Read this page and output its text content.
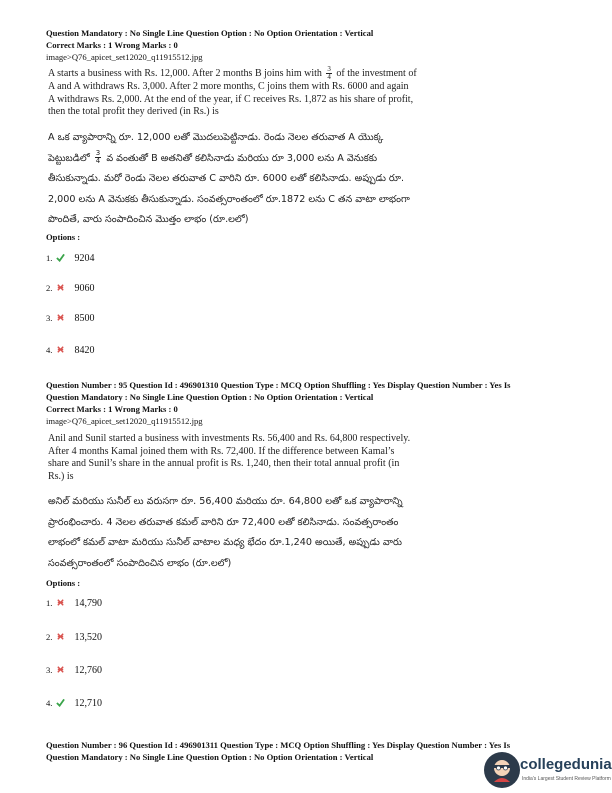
Question Mandatory : No Single Line Question Option : No Option Orientation : Vertical
Correct Marks : 1 Wrong Marks : 0
image>Q76_apicet_set12020_q11915512.jpg
A starts a business with Rs. 12,000. After 2 months B joins him with $\frac{3}{4}$ of the investment of
A and A withdraws Rs. 3,000. After 2 more months, C joins them with Rs. 6000 and again
A withdraws Rs. 2,000. At the end of the year, if C receives Rs. 1,872 as his share of profit,
then the total profit they derived (in Rs.) is
A ఒక వ్యాపారాన్ని రూ. 12,000 లతో మొదలుపెట్టినాడు. రెండు నెలల తరువాత A యొక్క
పెట్టుబడిలో $\frac{3}{4}$ వ వంతుతో B అతనితో కలిసినాడు మరియు రూ 3,000 లను A వెనుకకు
తీసుకున్నాడు. మరో రెండు నెలల తరువాత C వారిని రూ. 6000 లతో కలిసినాడు. అప్పుడు రూ.
2,000 లను A వెనుకకు తీసుకున్నాడు. సంవత్సరాంతంలో రూ.1872 లను C తన వాటా లాభంగా
పొందితే, వారు సంపాదించిన మొత్తం లాభం (రూ.లలో)
Options :
1. 9204
2. 9060
3. 8500
4. 8420
Question Number : 95 Question Id : 496901310 Question Type : MCQ Option Shuffling : Yes Display Question Number : Yes Is
Question Mandatory : No Single Line Question Option : No Option Orientation : Vertical
Correct Marks : 1 Wrong Marks : 0
image>Q76_apicet_set12020_q11915512.jpg
Anil and Sunil started a business with investments Rs. 56,400 and Rs. 64,800 respectively.
After 4 months Kamal joined them with Rs. 72,400. If the difference between Kamal’s
share and Sunil’s share in the annual profit is Rs. 1,240, then their total annual profit (in
Rs.) is
అనిల్ మరియు సునీల్ లు వరుసగా రూ. 56,400 మరియు రూ. 64,800 లతో ఒక వ్యాపారాన్ని
ప్రారంభించారు. 4 నెలల తరువాత కమల్ వారిని రూ 72,400 లతో కలిసినాడు. సంవత్సరాంతం
లాభంలో కమల్ వాటా మరియు సునీల్ వాటాల మధ్య భేదం రూ.1,240 అయితే, అప్పుడు వారు
సంవత్సరాంతంలో సంపాదించిన లాభం (రూ.లలో)
Options :
1. 14,790
2. 13,520
3. 12,760
4. 12,710
Question Number : 96 Question Id : 496901311 Question Type : MCQ Option Shuffling : Yes Display Question Number : Yes Is
Question Mandatory : No Single Line Question Option : No Option Orientation : Vertical	collegedunia
India's Largest Student Review Platform
